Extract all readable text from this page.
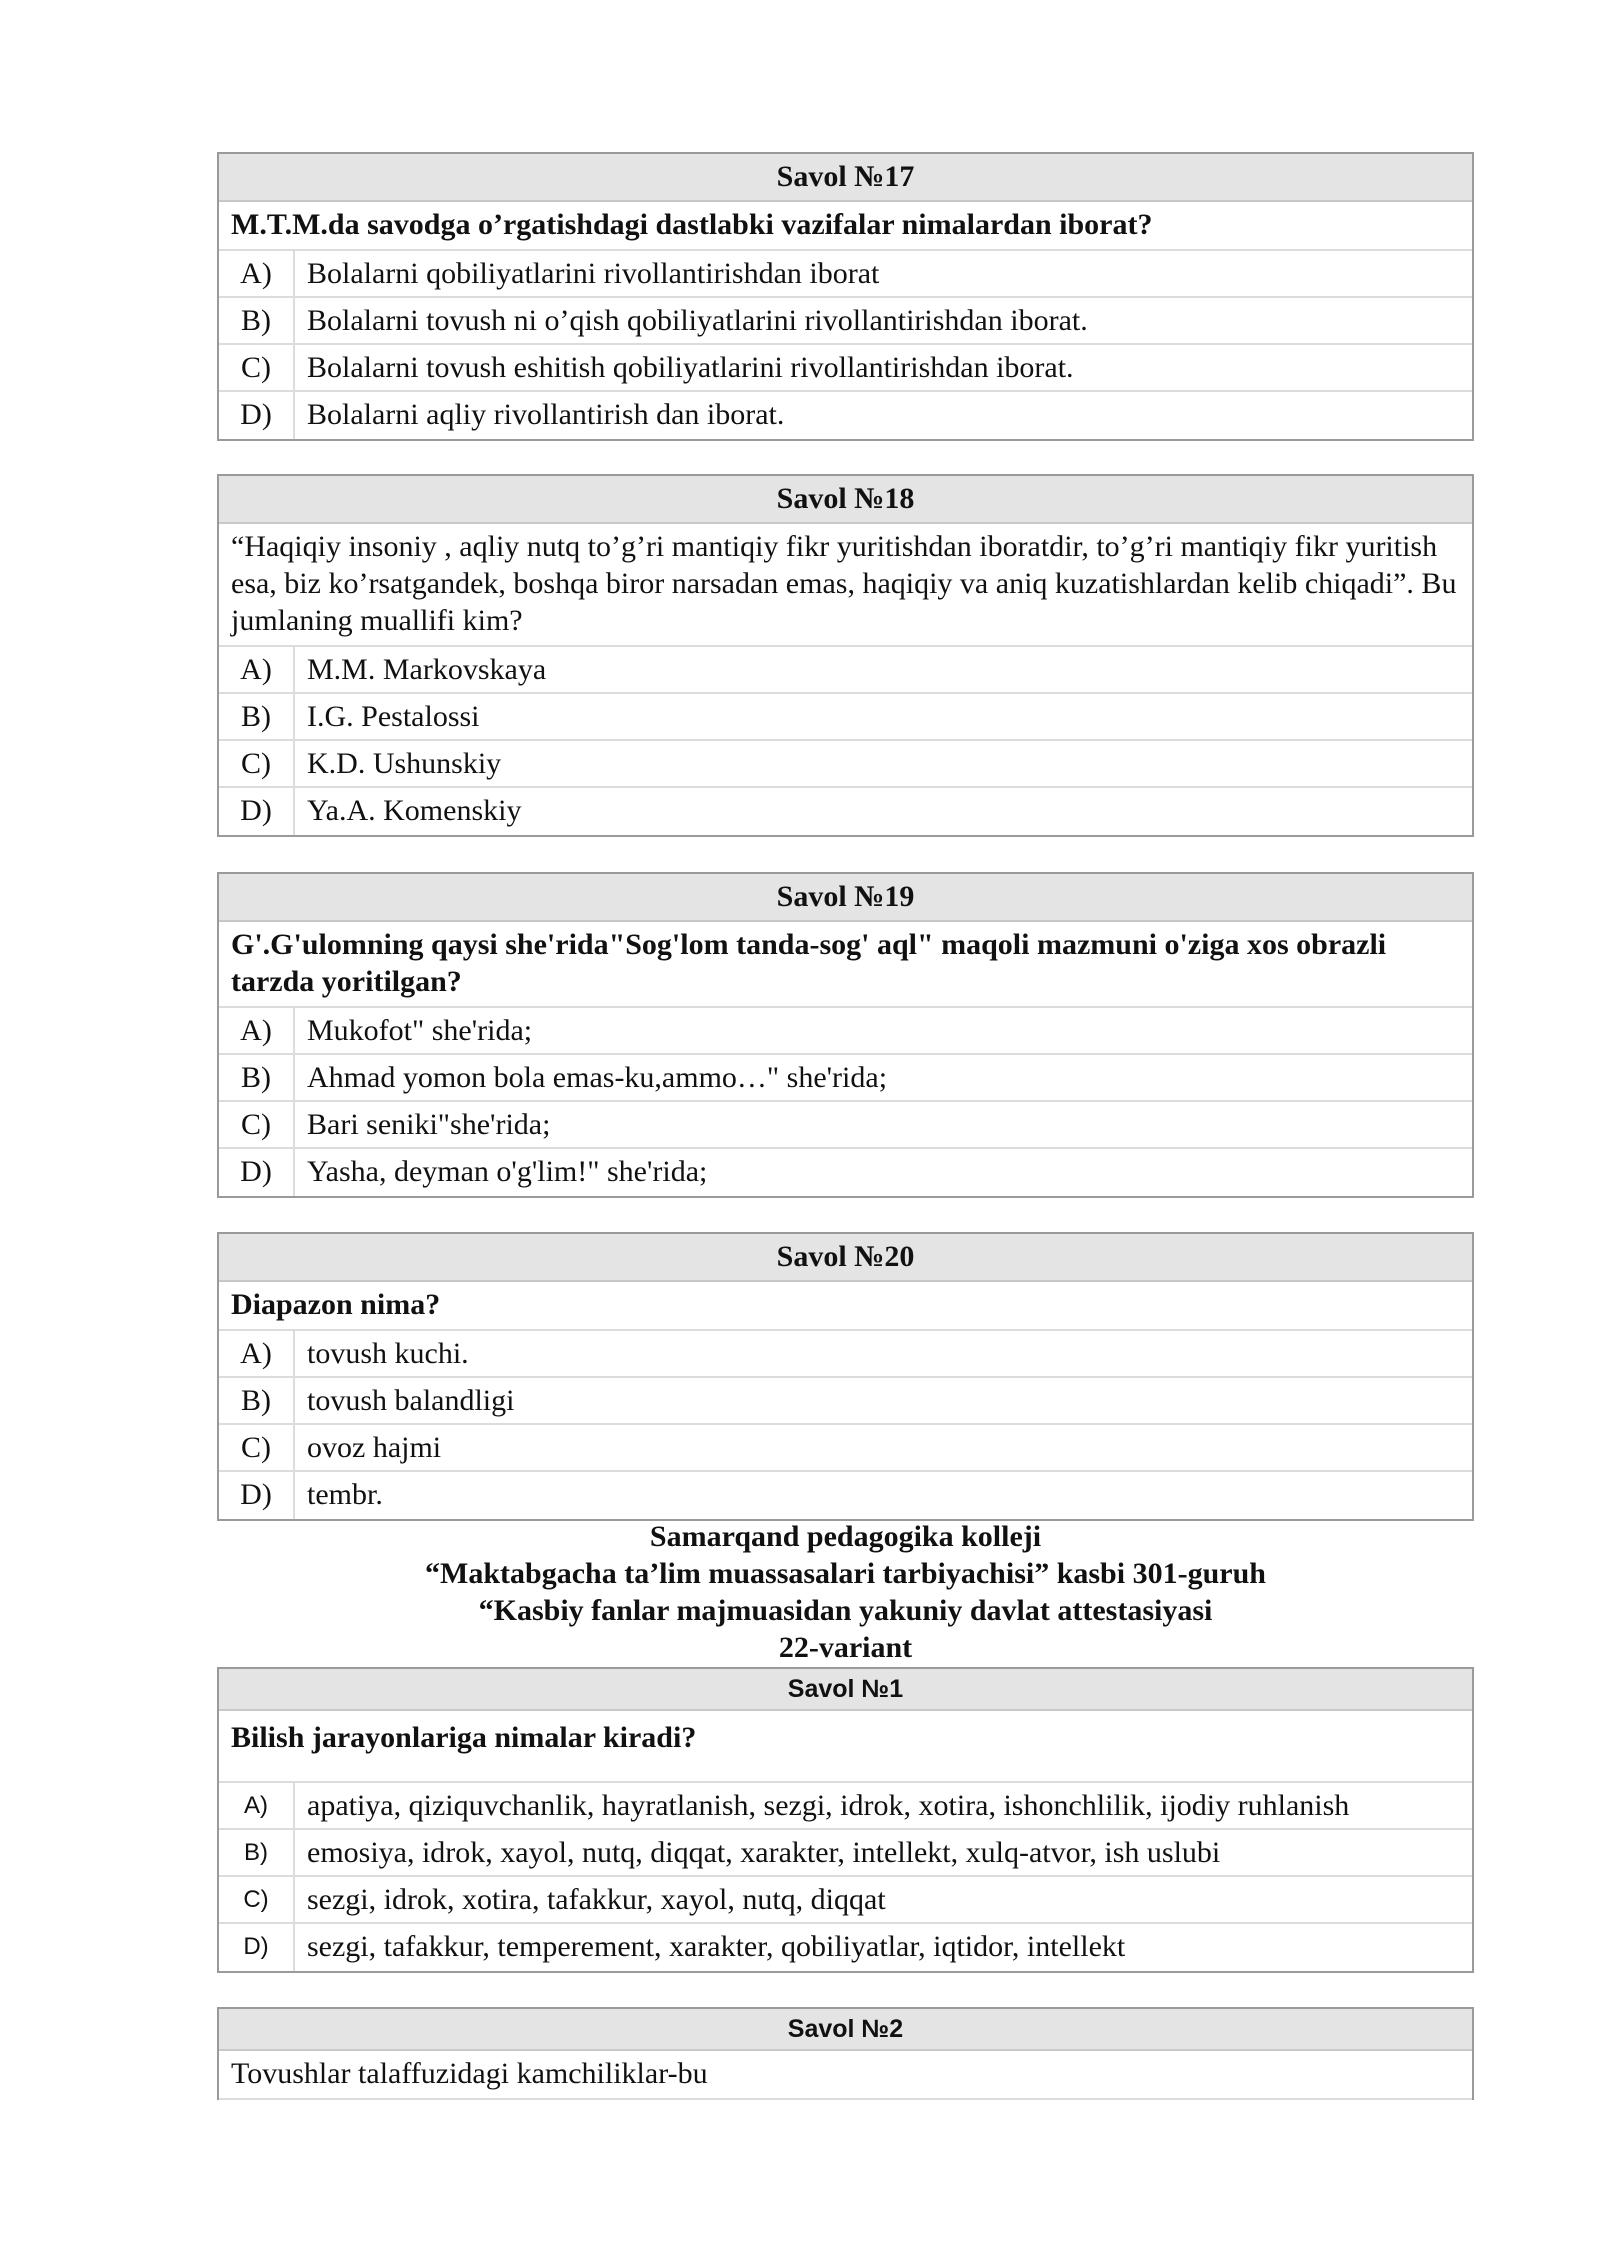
Savol №17
M.T.M.da savodga o’rgatishdagi dastlabki vazifalar nimalardan iborat?
A)	Bolalarni qobiliyatlarini rivollantirishdan iborat
B)	Bolalarni tovush ni o’qish qobiliyatlarini rivollantirishdan iborat.
C)	Bolalarni tovush eshitish qobiliyatlarini rivollantirishdan iborat.
D)	Bolalarni aqliy rivollantirish dan iborat.
Savol №18
“Haqiqiy insoniy , aqliy nutq to’g’ri mantiqiy fikr yuritishdan iboratdir, to’g’ri mantiqiy fikr yuritish esa, biz ko’rsatgandek, boshqa biror narsadan emas, haqiqiy va aniq kuzatishlardan kelib chiqadi”. Bu jumlaning muallifi kim?
A)	M.M. Markovskaya
B)	I.G. Pestalossi
C)	K.D. Ushunskiy
D)	Ya.A. Komenskiy
Savol №19
G'.G'ulomning qaysi she'rida"Sog'lom tanda-sog' aql" maqoli mazmuni o'ziga xos obrazli tarzda yoritilgan?
A)	Mukofot" she'rida;
B)	Ahmad yomon bola emas-ku,ammo…" she'rida;
C)	Bari seniki"she'rida;
D)	Yasha, deyman o'g'lim!" she'rida;
Savol №20
Diapazon nima?
A)	tovush kuchi.
B)	tovush balandligi
C)	ovoz hajmi
D)	tembr.
Samarqand pedagogika kolleji
“Maktabgacha ta’lim muassasalari tarbiyachisi” kasbi 301-guruh
“Kasbiy fanlar majmuasidan yakuniy davlat attestasiyasi
22-variant
Savol №1
Bilish jarayonlariga nimalar kiradi?
A)	apatiya, qiziquvchanlik, hayratlanish, sezgi, idrok, xotira, ishonchlilik, ijodiy ruhlanish
B)	emosiya, idrok, xayol, nutq, diqqat, xarakter, intellekt, xulq-atvor, ish uslubi
C)	sezgi, idrok, xotira, tafakkur, xayol, nutq, diqqat
D)	sezgi, tafakkur, temperement, xarakter, qobiliyatlar, iqtidor, intellekt
Savol №2
Tovushlar talaffuzidagi kamchiliklar-bu
